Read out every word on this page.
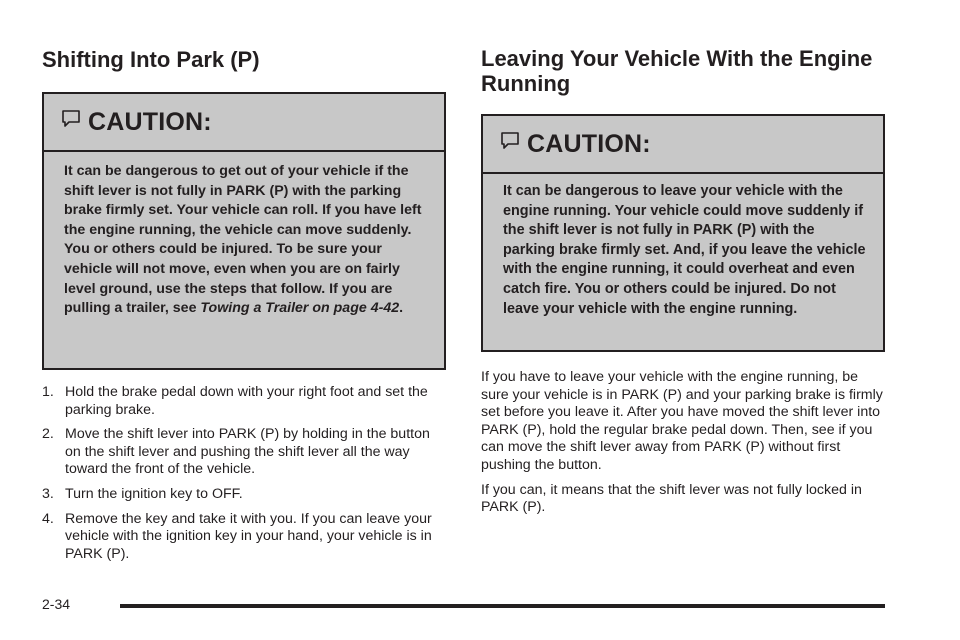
Shifting Into Park (P)
CAUTION:
It can be dangerous to get out of your vehicle if the shift lever is not fully in PARK (P) with the parking brake firmly set. Your vehicle can roll. If you have left the engine running, the vehicle can move suddenly. You or others could be injured. To be sure your vehicle will not move, even when you are on fairly level ground, use the steps that follow. If you are pulling a trailer, see Towing a Trailer on page 4-42.
1. Hold the brake pedal down with your right foot and set the parking brake.
2. Move the shift lever into PARK (P) by holding in the button on the shift lever and pushing the shift lever all the way toward the front of the vehicle.
3. Turn the ignition key to OFF.
4. Remove the key and take it with you. If you can leave your vehicle with the ignition key in your hand, your vehicle is in PARK (P).
Leaving Your Vehicle With the Engine Running
CAUTION:
It can be dangerous to leave your vehicle with the engine running. Your vehicle could move suddenly if the shift lever is not fully in PARK (P) with the parking brake firmly set. And, if you leave the vehicle with the engine running, it could overheat and even catch fire. You or others could be injured. Do not leave your vehicle with the engine running.

If you have to leave your vehicle with the engine running, be sure your vehicle is in PARK (P) and your parking brake is firmly set before you leave it. After you have moved the shift lever into PARK (P), hold the regular brake pedal down. Then, see if you can move the shift lever away from PARK (P) without first pushing the button.

If you can, it means that the shift lever was not fully locked in PARK (P).

2-34
